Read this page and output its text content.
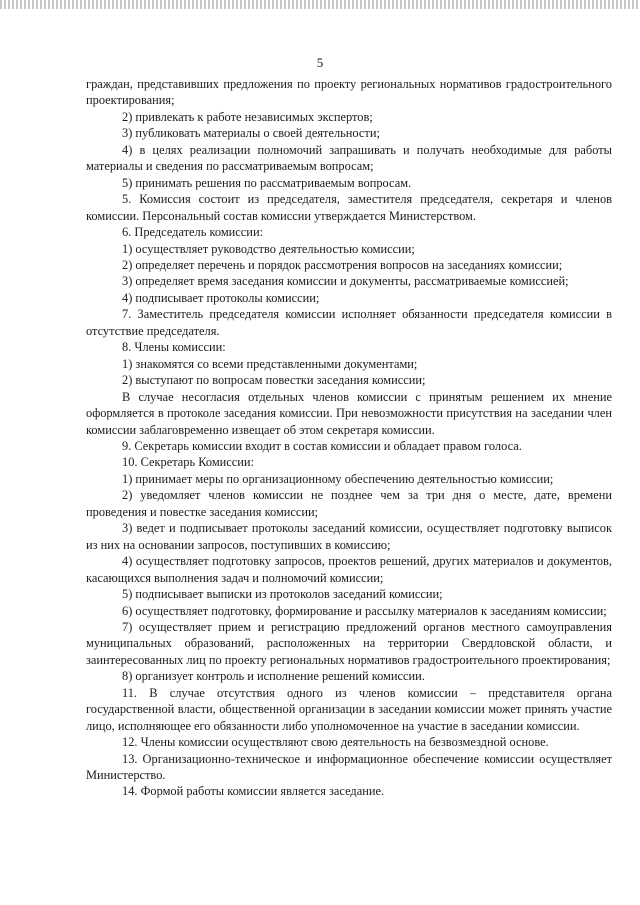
5

граждан, представивших предложения по проекту региональных нормативов градостроительного проектирования;

2) привлекать к работе независимых экспертов;

3) публиковать материалы о своей деятельности;

4) в целях реализации полномочий запрашивать и получать необходимые для работы материалы и сведения по рассматриваемым вопросам;

5) принимать решения по рассматриваемым вопросам.

5. Комиссия состоит из председателя, заместителя председателя, секретаря и членов комиссии. Персональный состав комиссии утверждается Министерством.

6. Председатель комиссии:

1) осуществляет руководство деятельностью комиссии;

2) определяет перечень и порядок рассмотрения вопросов на заседаниях комиссии;

3) определяет время заседания комиссии и документы, рассматриваемые комиссией;

4) подписывает протоколы комиссии;

7. Заместитель председателя комиссии исполняет обязанности председателя комиссии в отсутствие председателя.

8. Члены комиссии:

1) знакомятся со всеми представленными документами;

2) выступают по вопросам повестки заседания комиссии;

В случае несогласия отдельных членов комиссии с принятым решением их мнение оформляется в протоколе заседания комиссии. При невозможности присутствия на заседании член комиссии заблаговременно извещает об этом секретаря комиссии.

9. Секретарь комиссии входит в состав комиссии и обладает правом голоса.

10. Секретарь Комиссии:

1) принимает меры по организационному обеспечению деятельностью комиссии;

2) уведомляет членов комиссии не позднее чем за три дня о месте, дате, времени проведения и повестке заседания комиссии;

3) ведет и подписывает протоколы заседаний комиссии, осуществляет подготовку выписок из них на основании запросов, поступивших в комиссию;

4) осуществляет подготовку запросов, проектов решений, других материалов и документов, касающихся выполнения задач и полномочий комиссии;

5) подписывает выписки из протоколов заседаний комиссии;

6) осуществляет подготовку, формирование и рассылку материалов к заседаниям комиссии;

7) осуществляет прием и регистрацию предложений органов местного самоуправления муниципальных образований, расположенных на территории Свердловской области, и заинтересованных лиц по проекту региональных нормативов градостроительного проектирования;

8) организует контроль и исполнение решений комиссии.

11. В случае отсутствия одного из членов комиссии – представителя органа государственной власти, общественной организации в заседании комиссии может принять участие лицо, исполняющее его обязанности либо уполномоченное на участие в заседании комиссии.

12. Члены комиссии осуществляют свою деятельность на безвозмездной основе.

13. Организационно-техническое и информационное обеспечение комиссии осуществляет Министерство.

14. Формой работы комиссии является заседание.
